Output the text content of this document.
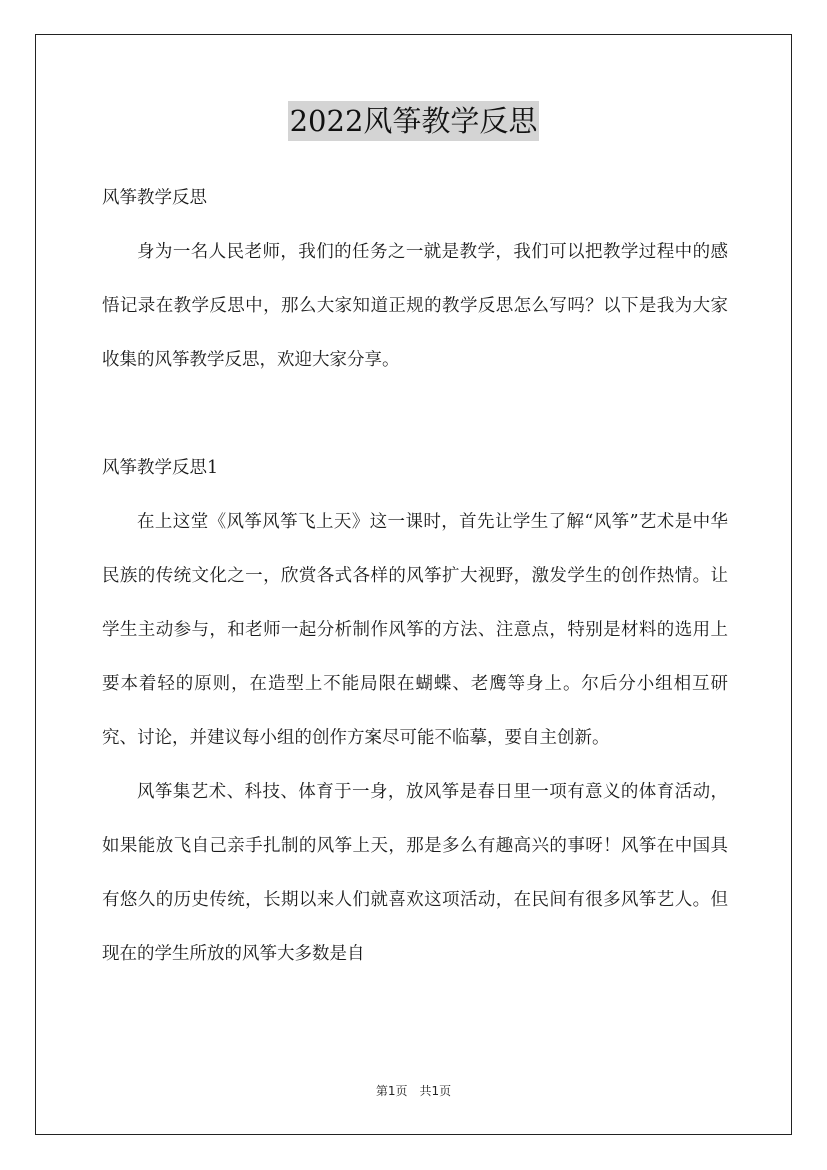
2022风筝教学反思

风筝教学反思

身为一名人民老师，我们的任务之一就是教学，我们可以把教学过程中的感悟记录在教学反思中，那么大家知道正规的教学反思怎么写吗？以下是我为大家收集的风筝教学反思，欢迎大家分享。

风筝教学反思1

在上这堂《风筝风筝飞上天》这一课时，首先让学生了解“风筝”艺术是中华民族的传统文化之一，欣赏各式各样的风筝扩大视野，激发学生的创作热情。让学生主动参与，和老师一起分析制作风筝的方法、注意点，特别是材料的选用上要本着轻的原则，在造型上不能局限在蝴蝶、老鹰等身上。尔后分小组相互研究、讨论，并建议每小组的创作方案尽可能不临摹，要自主创新。

风筝集艺术、科技、体育于一身，放风筝是春日里一项有意义的体育活动，如果能放飞自己亲手扎制的风筝上天，那是多么有趣高兴的事呀！风筝在中国具有悠久的历史传统，长期以来人们就喜欢这项活动，在民间有很多风筝艺人。但现在的学生所放的风筝大多数是自

第1页　共1页
